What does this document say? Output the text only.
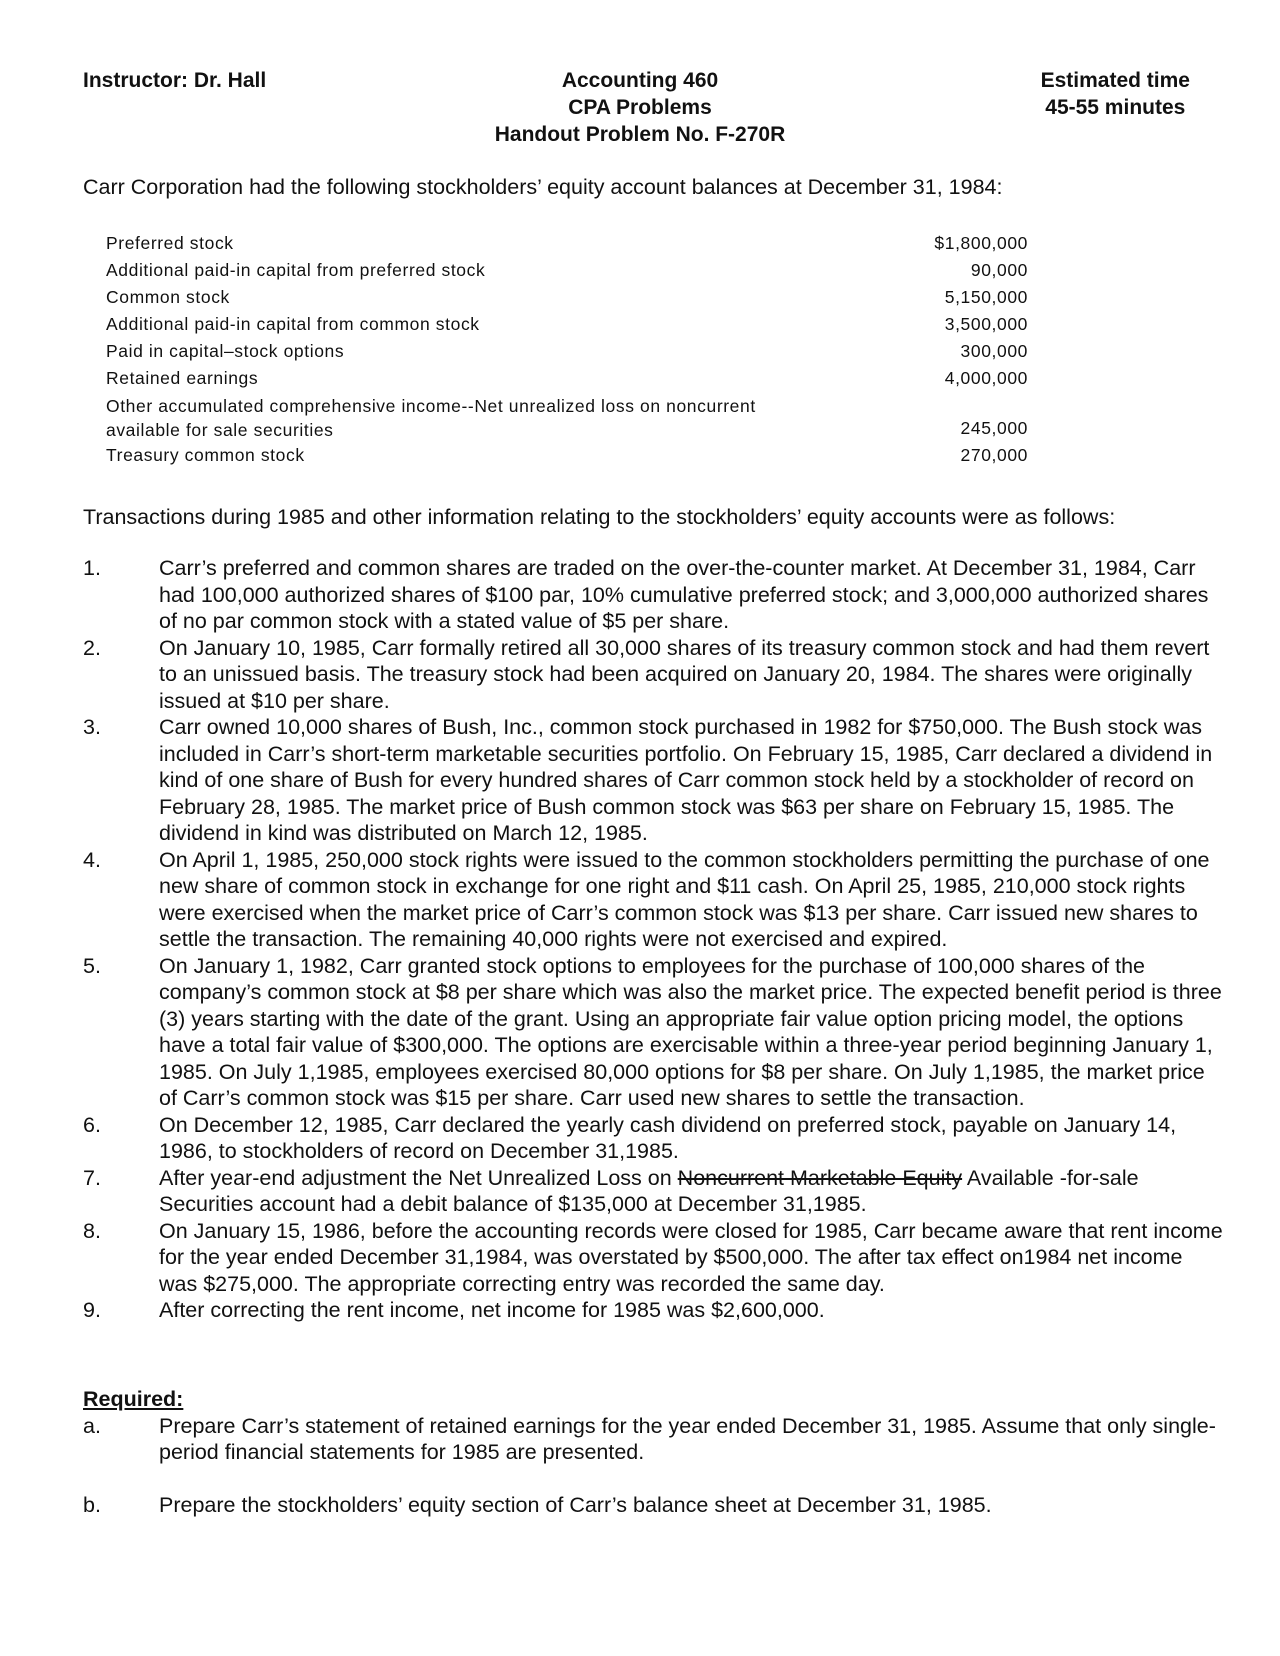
Instructor: Dr. Hall	Accounting 460
CPA Problems
Handout Problem No. F-270R
Estimated time
45-55 minutes
Carr Corporation had the following stockholders’ equity account balances at December 31, 1984:
Preferred stock	$1,800,000
Additional paid-in capital from preferred stock	90,000
Common stock	5,150,000
Additional paid-in capital from common stock	3,500,000
Paid in capital–stock options	300,000
Retained earnings	4,000,000
Other accumulated comprehensive income--Net unrealized loss on noncurrent
available for sale securities	245,000
Treasury common stock	270,000
Transactions during 1985 and other information relating to the stockholders’ equity accounts were as follows:
1.	Carr’s preferred and common shares are traded on the over-the-counter market. At December 31, 1984, Carr had 100,000 authorized shares of $100 par, 10% cumulative preferred stock; and 3,000,000 authorized shares of no par common stock with a stated value of $5 per share.
2.	On January 10, 1985, Carr formally retired all 30,000 shares of its treasury common stock and had them revert to an unissued basis. The treasury stock had been acquired on January 20, 1984. The shares were originally issued at $10 per share.
3.	Carr owned 10,000 shares of Bush, Inc., common stock purchased in 1982 for $750,000. The Bush stock was included in Carr’s short-term marketable securities portfolio. On February 15, 1985, Carr declared a dividend in kind of one share of Bush for every hundred shares of Carr common stock held by a stockholder of record on February 28, 1985. The market price of Bush common stock was $63 per share on February 15, 1985. The dividend in kind was distributed on March 12, 1985.
4.	On April 1, 1985, 250,000 stock rights were issued to the common stockholders permitting the purchase of one new share of common stock in exchange for one right and $11 cash. On April 25, 1985, 210,000 stock rights were exercised when the market price of Carr’s common stock was $13 per share. Carr issued new shares to settle the transaction. The remaining 40,000 rights were not exercised and expired.
5.	On January 1, 1982, Carr granted stock options to employees for the purchase of 100,000 shares of the company’s common stock at $8 per share which was also the market price. The expected benefit period is three (3) years starting with the date of the grant. Using an appropriate fair value option pricing model, the options have a total fair value of $300,000. The options are exercisable within a three-year period beginning January 1, 1985. On July 1,1985, employees exercised 80,000 options for $8 per share. On July 1,1985, the market price of Carr’s common stock was $15 per share. Carr used new shares to settle the transaction.
6.	On December 12, 1985, Carr declared the yearly cash dividend on preferred stock, payable on January 14, 1986, to stockholders of record on December 31,1985.
7.	After year-end adjustment the Net Unrealized Loss on Noncurrent Marketable Equity Available -for-sale Securities account had a debit balance of $135,000 at December 31,1985.
8.	On January 15, 1986, before the accounting records were closed for 1985, Carr became aware that rent income for the year ended December 31,1984, was overstated by $500,000. The after tax effect on1984 net income was $275,000. The appropriate correcting entry was recorded the same day.
9.	After correcting the rent income, net income for 1985 was $2,600,000.
Required:
a.	Prepare Carr’s statement of retained earnings for the year ended December 31, 1985. Assume that only single-period financial statements for 1985 are presented.
b.	Prepare the stockholders’ equity section of Carr’s balance sheet at December 31, 1985.
